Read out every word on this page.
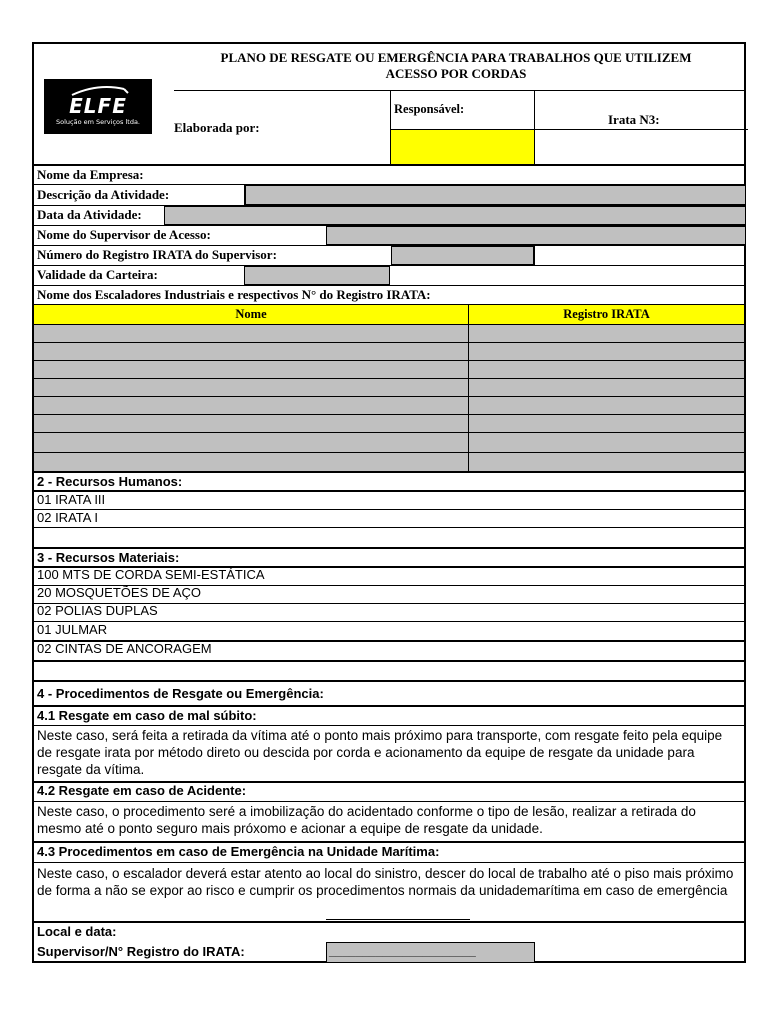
ELFE
Solução em Serviços ltda.
PLANO DE RESGATE OU EMERGÊNCIA PARA TRABALHOS QUE UTILIZEM
ACESSO POR CORDAS
Elaborada por:
Responsável:
Irata N3:
Nome da Empresa:
Descrição da Atividade:
Data da Atividade:
Nome do Supervisor de Acesso:
Número do Registro IRATA do Supervisor:
Validade da Carteira:
Nome dos Escaladores Industriais e respectivos N° do Registro IRATA:
Nome	Registro IRATA
2 - Recursos Humanos:
01 IRATA III
02 IRATA I
3 - Recursos Materiais:
100 MTS DE CORDA SEMI-ESTÁTICA
20 MOSQUETÕES DE AÇO
02 POLIAS DUPLAS
01 JULMAR
02 CINTAS DE ANCORAGEM
4 - Procedimentos de Resgate ou Emergência:
4.1 Resgate em caso de mal súbito:
Neste caso, será feita a retirada da vítima até o ponto mais próximo para transporte, com resgate feito pela equipe de resgate irata por método direto ou descida por corda e acionamento da equipe de resgate da unidade para resgate da vítima.
4.2 Resgate em caso de Acidente:
Neste caso, o procedimento seré a imobilização do acidentado conforme o tipo de lesão, realizar a retirada do mesmo até o ponto seguro mais próxomo e acionar a equipe de resgate da unidade.
4.3 Procedimentos em caso de Emergência na Unidade Marítima:
Neste caso, o escalador deverá estar atento ao local do sinistro, descer do local de trabalho até o piso mais próximo de forma a não se expor ao risco e cumprir os procedimentos normais da unidademarítima em caso de emergência
Local e data:
Supervisor/N° Registro do IRATA:	______________________
